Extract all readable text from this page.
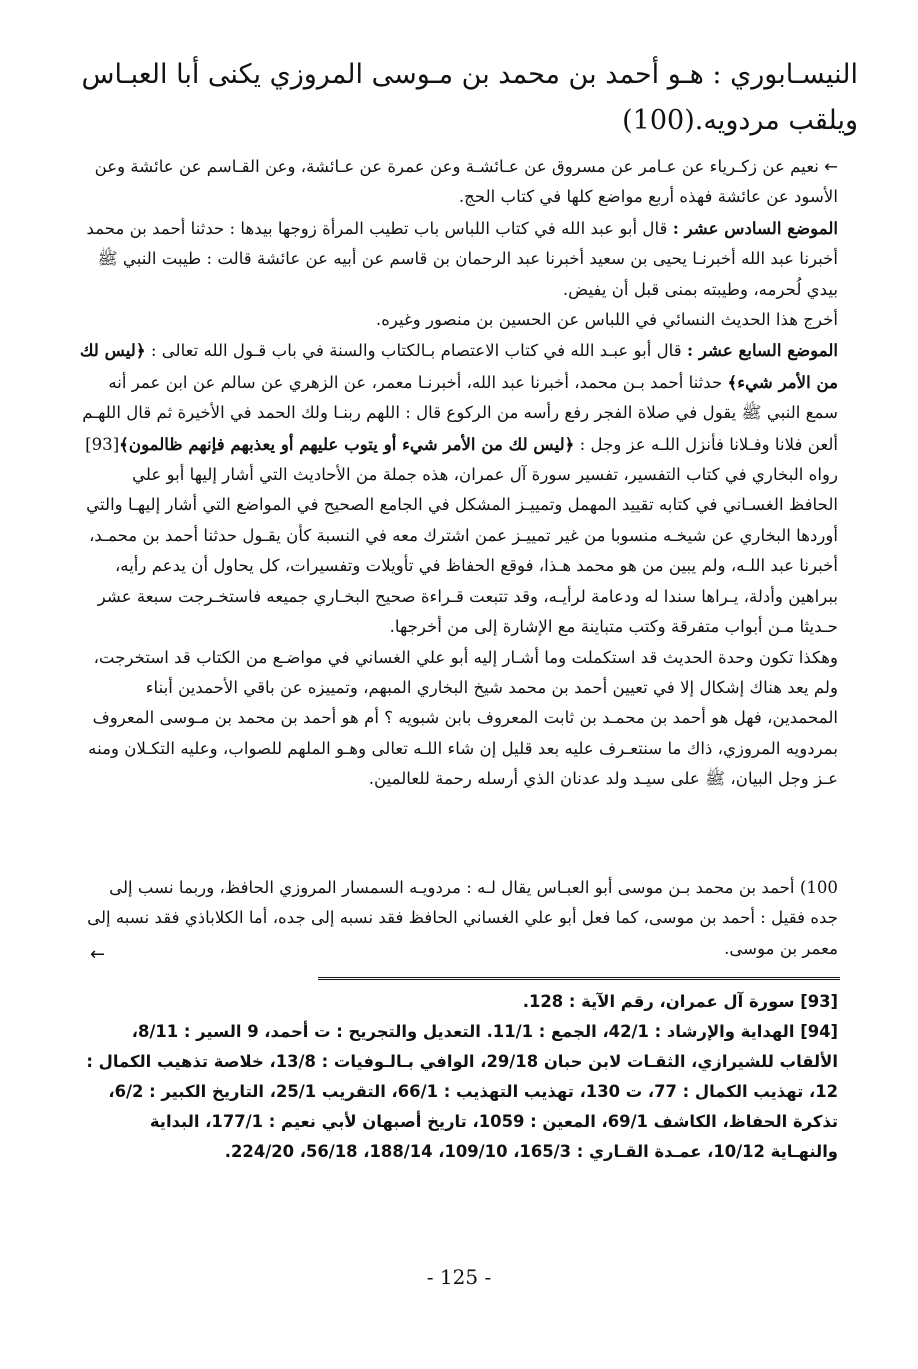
النيسـابوري : هـو أحمد بن محمد بن مـوسى المروزي يكنى أبا العبـاس

ويلقب مردويه.(100)

← نعيم عن زكـرياء عن عـامر عن مسروق عن عـائشـة وعن عمرة عن عـائشة، وعن القـاسم عن عائشة وعن الأسود عن عائشة فهذه أربع مواضع كلها في كتاب الحج.

الموضع السادس عشر : قال أبو عبد الله في كتاب اللباس باب تطيب المرأة زوجها بيدها : حدثنا أحمد بن محمد أخبرنا عبد الله أخبرنـا يحيى بن سعيد أخبرنا عبد الرحمان بن قاسم عن أبيه عن عائشة قالت : طيبت النبي ﷺ بيدي لُحرمه، وطيبته بمنى قبل أن يفيض.

أخرج هذا الحديث النسائي في اللباس عن الحسين بن منصور وغيره.

الموضع السابع عشر : قال أبو عبـد الله في كتاب الاعتصام بـالكتاب والسنة في باب قـول الله تعالى : ﴿ليس لك من الأمر شيء﴾ حدثنا أحمد بـن محمد، أخبرنا عبد الله، أخبرنـا معمر، عن الزهري عن سالم عن ابن عمر أنه سمع النبي ﷺ يقول في صلاة الفجر رفع رأسه من الركوع قال : اللهم ربنـا ولك الحمد في الأخيرة ثم قال اللهـم ألعن فلانا وفـلانا فأنزل اللـه عز وجل : ﴿ليس لك من الأمر شيء أو يتوب عليهم أو يعذبهم فإنهم ظالمون﴾[93]

رواه البخاري في كتاب التفسير، تفسير سورة آل عمران، هذه جملة من الأحاديث التي أشار إليها أبو علي الحافظ الغسـاني في كتابه تقييد المهمل وتمييـز المشكل في الجامع الصحيح في المواضع التي أشار إليهـا والتي أوردها البخاري عن شيخـه منسوبا من غير تمييـز عمن اشترك معه في النسبة كأن يقـول حدثنا أحمد بن محمـد، أخبرنا عبد اللـه، ولم يبين من هو محمد هـذا، فوقع الحفاظ في تأويلات وتفسيرات، كل يحاول أن يدعم رأيه، ببراهين وأدلة، يـراها سندا له ودعامة لرأيـه، وقد تتبعت قـراءة صحيح البخـاري جميعه فاستخـرجت سبعة عشر حـديثا مـن أبواب متفرقة وكتب متباينة مع الإشارة إلى من أخرجها.

وهكذا تكون وحدة الحديث قد استكملت وما أشـار إليه أبو علي الغساني في مواضـع من الكتاب قد استخرجت، ولم يعد هناك إشكال إلا في تعيين أحمد بن محمد شيخ البخاري المبهم، وتمييزه عن باقي الأحمدين أبناء المحمدين، فهل هو أحمد بن محمـد بن ثابت المعروف بابن شبويه ؟ أم هو أحمد بن محمد بن مـوسى المعروف بمردويه المروزي، ذاك ما سنتعـرف عليه بعد قليل إن شاء اللـه تعالى وهـو الملهم للصواب، وعليه التكـلان ومنه عـز وجل البيان، ﷺ على سيـد ولد عدنان الذي أرسله رحمة للعالمين.

100) أحمد بن محمد بـن موسى أبو العبـاس يقال لـه : مردويـه السمسار المروزي الحافظ، وربما نسب إلى جده فقيل : أحمد بن موسى، كما فعل أبو علي الغساني الحافظ فقد نسبه إلى جده، أما الكلاباذي فقد نسبه إلى معمر بن موسى.

←

[93] سورة آل عمران، رقم الآية : 128.

[94] الهداية والإرشاد : 42/1، الجمع : 11/1. التعديل والتجريح : ت أحمد، 9 السير : 8/11، الألقاب للشيرازي، الثقـات لابن حبان 29/18، الوافي بـالـوفيات : 13/8، خلاصة تذهيب الكمال : 12، تهذيب الكمال : 77، ت 130، تهذيب التهذيب : 66/1، التقريب 25/1، التاريخ الكبير : 6/2، تذكرة الحفاظ، الكاشف 69/1، المعين : 1059، تاريخ أصبهان لأبي نعيم : 177/1، البداية والنهـاية 10/12، عمـدة القـاري : 165/3، 109/10، 188/14، 56/18، 224/20.

- 125 -
